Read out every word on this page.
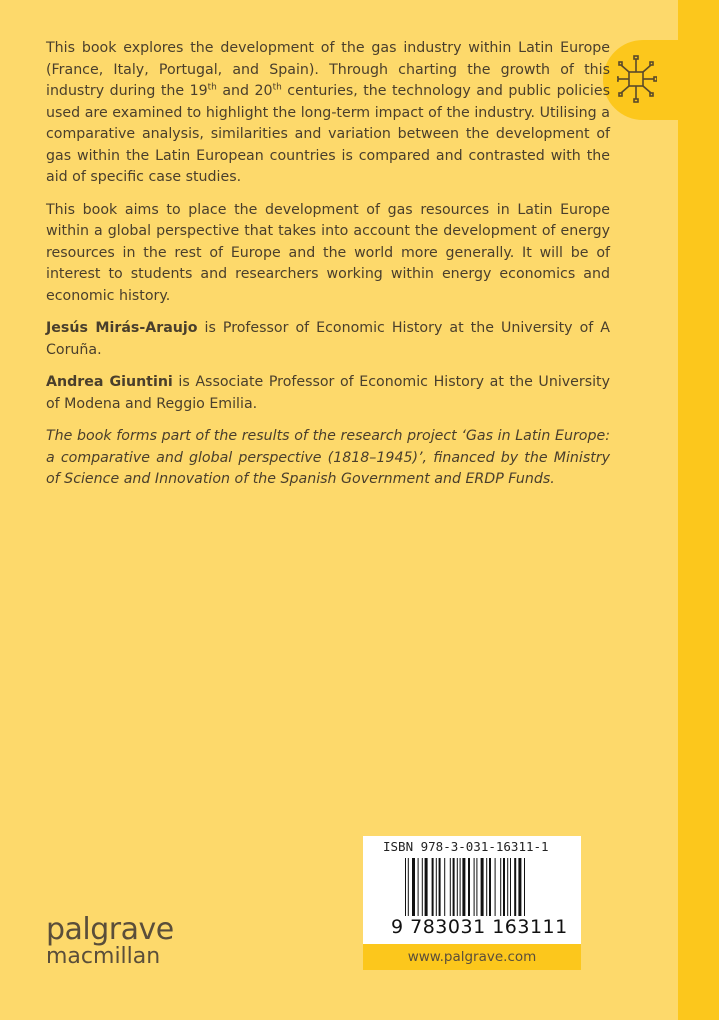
This book explores the development of the gas industry within Latin Europe (France, Italy, Portugal, and Spain). Through charting the growth of this industry during the 19th and 20th centuries, the technology and public policies used are examined to highlight the long-term impact of the industry. Utilising a comparative analysis, similarities and variation between the development of gas within the Latin European countries is compared and contrasted with the aid of specific case studies.

This book aims to place the development of gas resources in Latin Europe within a global perspective that takes into account the development of energy resources in the rest of Europe and the world more generally. It will be of interest to students and researchers working within energy economics and economic history.

Jesús Mirás-Araujo is Professor of Economic History at the University of A Coruña.

Andrea Giuntini is Associate Professor of Economic History at the University of Modena and Reggio Emilia.

The book forms part of the results of the research project ‘Gas in Latin Europe: a comparative and global perspective (1818–1945)’, financed by the Ministry of Science and Innovation of the Spanish Government and ERDP Funds.

palgrave
macmillan
ISBN 978-3-031-16311-1
9 783031 163111
www.palgrave.com
